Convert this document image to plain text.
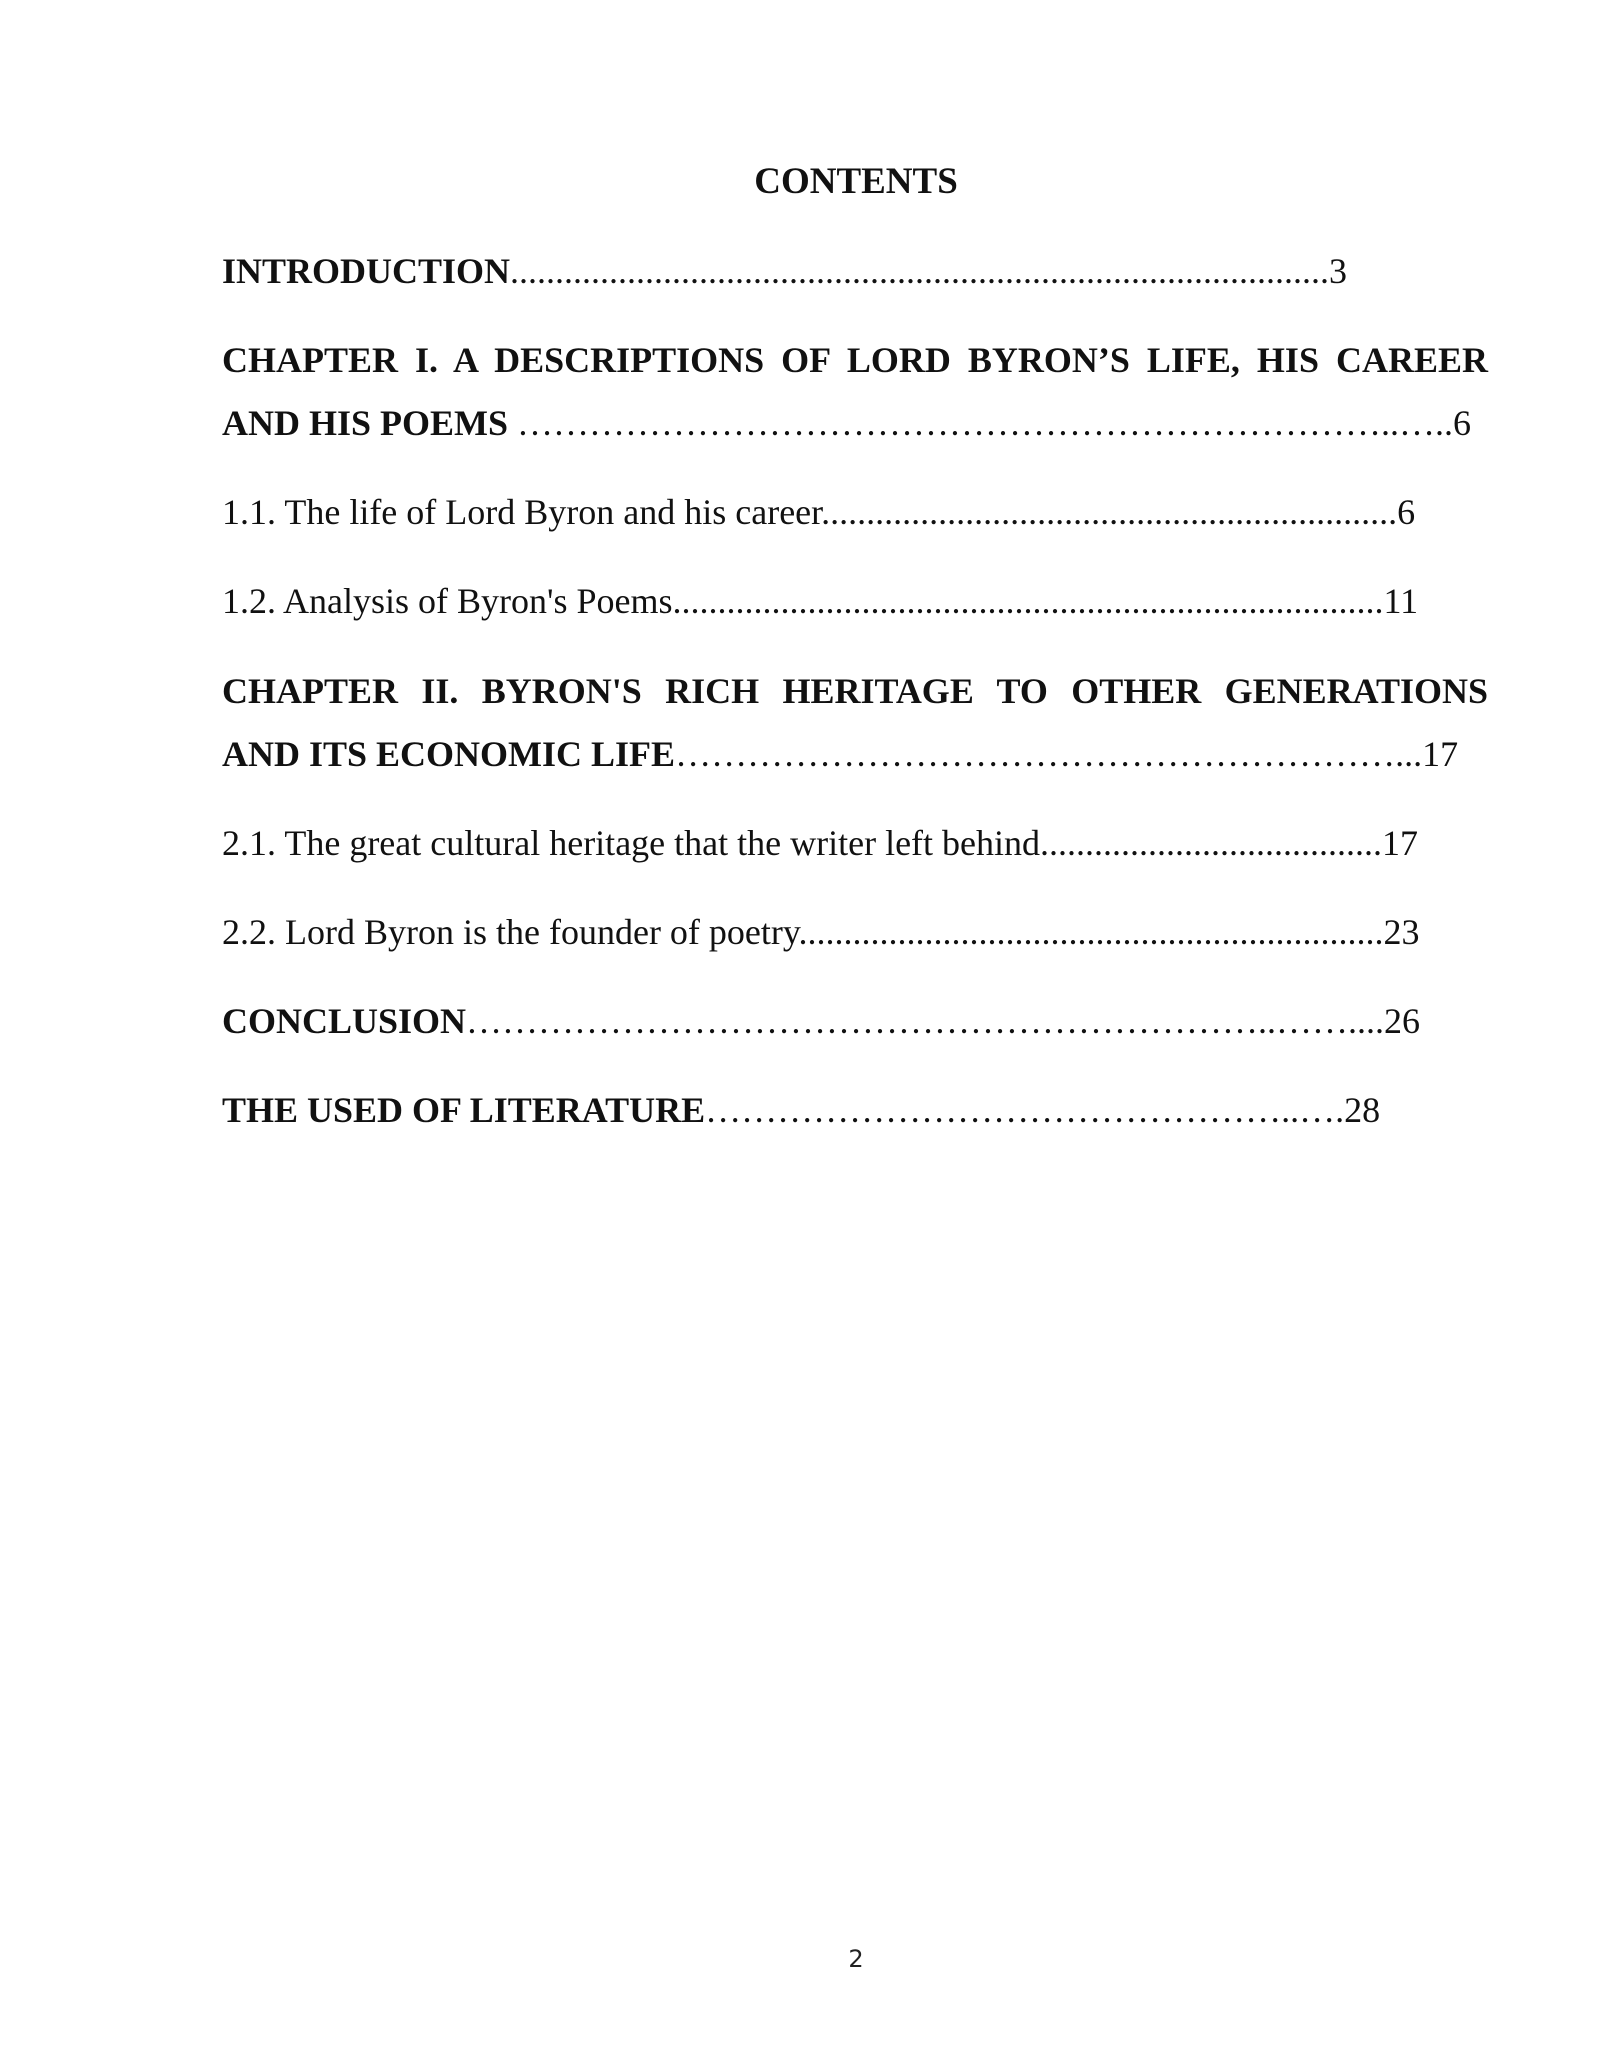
CONTENTS
INTRODUCTION...........................................................................................3
CHAPTER I. A DESCRIPTIONS OF LORD BYRON’S LIFE, HIS CAREER
AND HIS POEMS ………………………………………………………………..…..6
1.1. The life of Lord Byron and his career................................................................6
1.2. Analysis of Byron's Poems...............................................................................11
CHAPTER II. BYRON'S RICH HERITAGE TO OTHER GENERATIONS
AND ITS ECONOMIC LIFE……………………………………………………...17
2.1. The great cultural heritage that the writer left behind......................................17
2.2. Lord Byron is the founder of poetry.................................................................23
CONCLUSION…………………………………………………………..……....26
THE USED OF LITERATURE…………………………………………..….28
2
